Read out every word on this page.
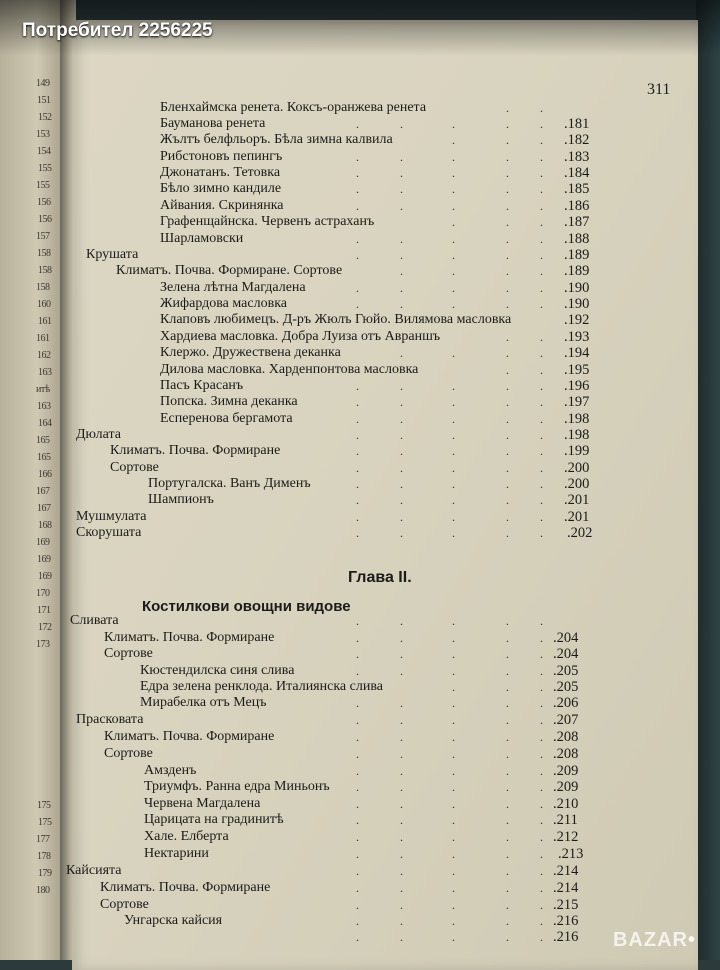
149
151
152
153
154
155
155
156
156
157
158
158
158
160
161
161
162
163
итѣ
163
164
165
165
166
167
167
168
169
169
169
170
171
172
173
175
175
177
178
179
180
311
Глава II.
Костилкови овощни видове
Бленхаймска ренета. Коксъ-оранжева ренета
Бауманова ренета	.181
Жълтъ белфльоръ. Бѣла зимна калвила	.182
Рибстоновъ пепингъ	.183
Джонатанъ. Тетовка	.184
Бѣло зимно кандиле	.185
Айвания. Скринянка	.186
Графенщайнска. Червенъ астраханъ	.187
Шарламовски	.188
Крушата	.189
Климатъ. Почва. Формиране. Сортове	.189
Зелена лѣтна Магдалена	.190
Жифардова масловка	.190
Клаповъ любимецъ. Д-ръ Жюлъ Гюйо. Вилямова масловка	.192
Хардиева масловка. Добра Луиза отъ Авраншъ	.193
Клержо. Дружествена деканка	.194
Дилова масловка. Харденпонтова масловка	.195
Пасъ Красанъ	.196
Попска. Зимна деканка	.197
Есперенова бергамота	.198
Дюлата	.198
Климатъ. Почва. Формиране	.199
Сортове	.200
Португалска. Ванъ Дименъ	.200
Шампионъ	.201
Мушмулата	.201
Скорушата	.202
Сливата
Климатъ. Почва. Формиране	.204
Сортове	.204
Кюстендилска синя слива	.205
Едра зелена ренклода. Италиянска слива	.205
Мирабелка отъ Мецъ	.206
Прасковата	.207
Климатъ. Почва. Формиране	.208
Сортове	.208
Амзденъ	.209
Триумфъ. Ранна едра Миньонъ	.209
Червена Магдалена	.210
Царицата на градинитѣ	.211
Хале. Елберта	.212
Нектарини	.213
Кайсията	.214
Климатъ. Почва. Формиране	.214
Сортове	.215
Унгарска кайсия	.216
.216
.	.
.	.	.	.	.
.	.	.
.	.	.	.	.
.	.	.	.	.
.	.	.	.	.
.	.	.	.	.
.	.	.
.	.	.	.	.
.	.	.	.	.
.	.	.	.
.	.	.	.	.
.	.	.	.	.
.	.
.	.	.	.
.	.
.	.	.	.	.
.	.	.	.	.
.	.	.	.	.
.	.	.	.	.
.	.	.	.	.
.	.	.	.	.
.	.	.	.	.
.	.	.	.	.
.	.	.	.	.
.	.	.	.	.
.	.	.	.	.
.	.	.	.	.
.	.	.	.	.
.	.	.	.	.
.	.	.
.	.	.	.	.
.	.	.	.	.
.	.	.	.	.
.	.	.	.	.
.	.	.	.	.
.	.	.	.	.
.	.	.	.	.
.	.	.	.	.
.	.	.	.	.
.	.	.	.	.
.	.	.	.	.
.	.	.	.	.
.	.	.	.	.
.	.	.	.	.
.	.	.	.	.
Потребител 2256225
BAZAR•
